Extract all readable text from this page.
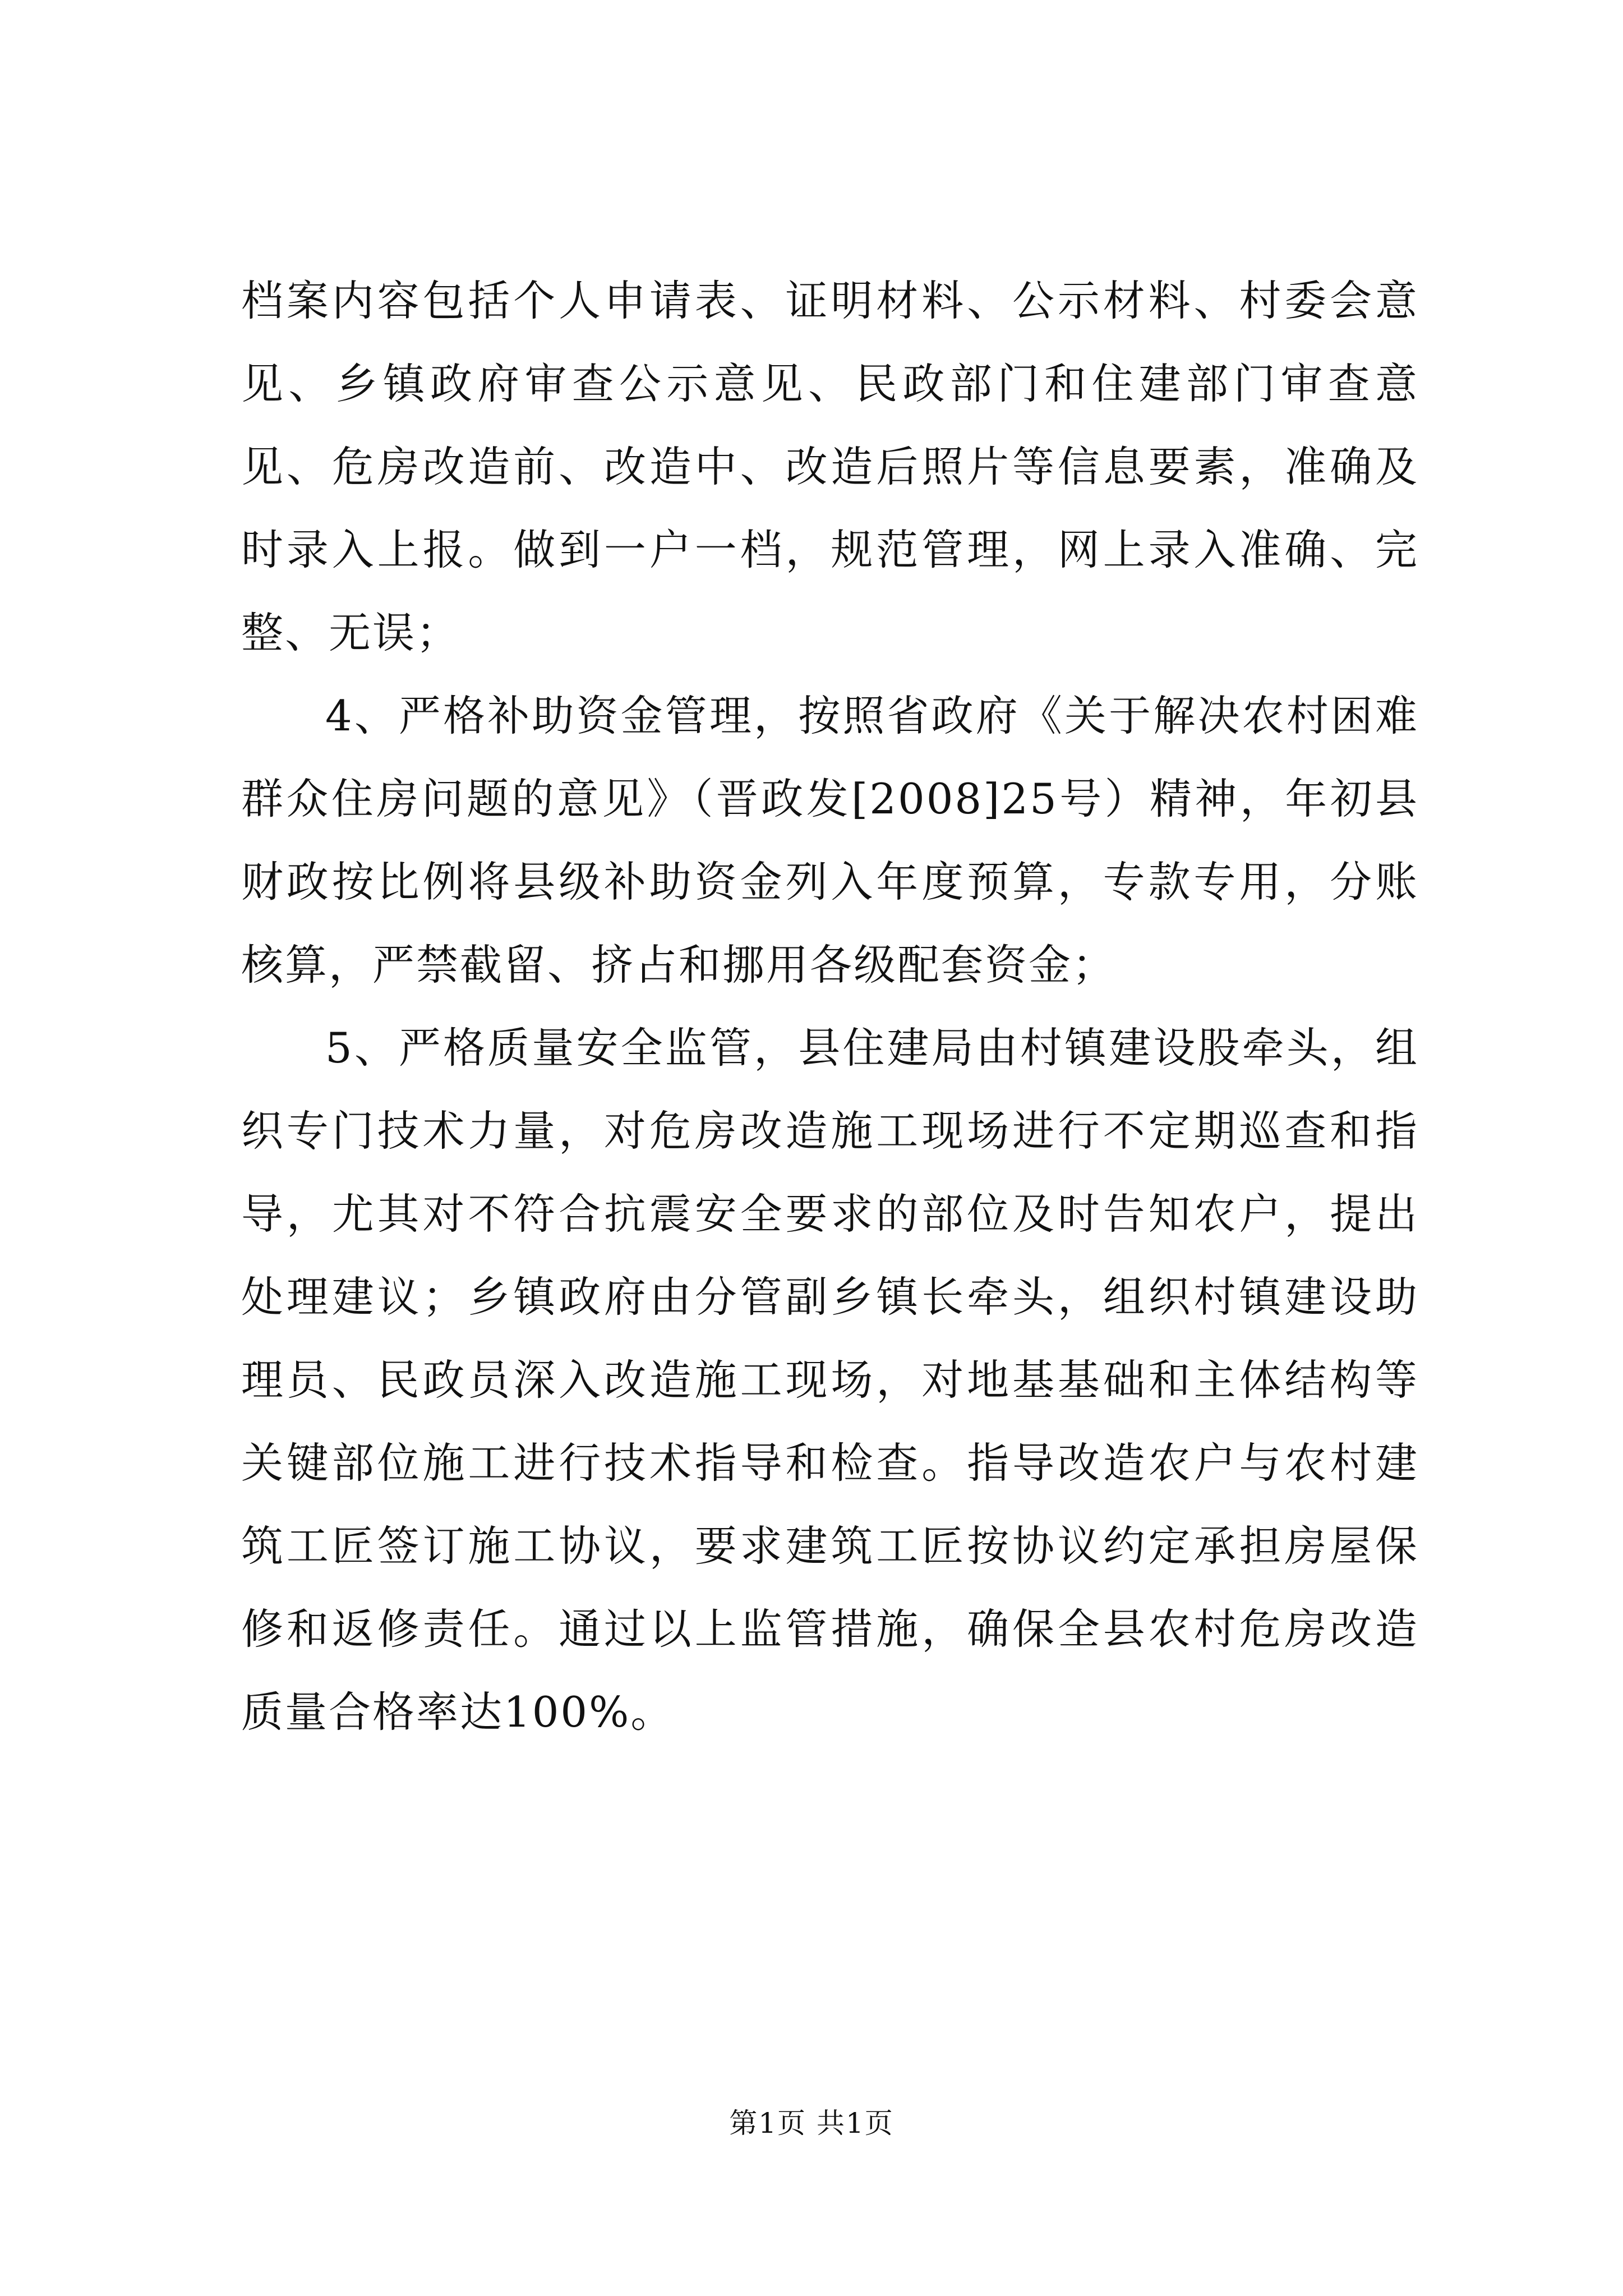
档案内容包括个人申请表、证明材料、公示材料、村委会意见、乡镇政府审查公示意见、民政部门和住建部门审查意见、危房改造前、改造中、改造后照片等信息要素，准确及时录入上报。做到一户一档，规范管理，网上录入准确、完整、无误；

4、严格补助资金管理，按照省政府《关于解决农村困难群众住房问题的意见》（晋政发[2008]25号）精神，年初县财政按比例将县级补助资金列入年度预算，专款专用，分账核算，严禁截留、挤占和挪用各级配套资金；

5、严格质量安全监管，县住建局由村镇建设股牵头，组织专门技术力量，对危房改造施工现场进行不定期巡查和指导，尤其对不符合抗震安全要求的部位及时告知农户，提出处理建议；乡镇政府由分管副乡镇长牵头，组织村镇建设助理员、民政员深入改造施工现场，对地基基础和主体结构等关键部位施工进行技术指导和检查。指导改造农户与农村建筑工匠签订施工协议，要求建筑工匠按协议约定承担房屋保修和返修责任。通过以上监管措施，确保全县农村危房改造质量合格率达100%。

第1页 共1页
